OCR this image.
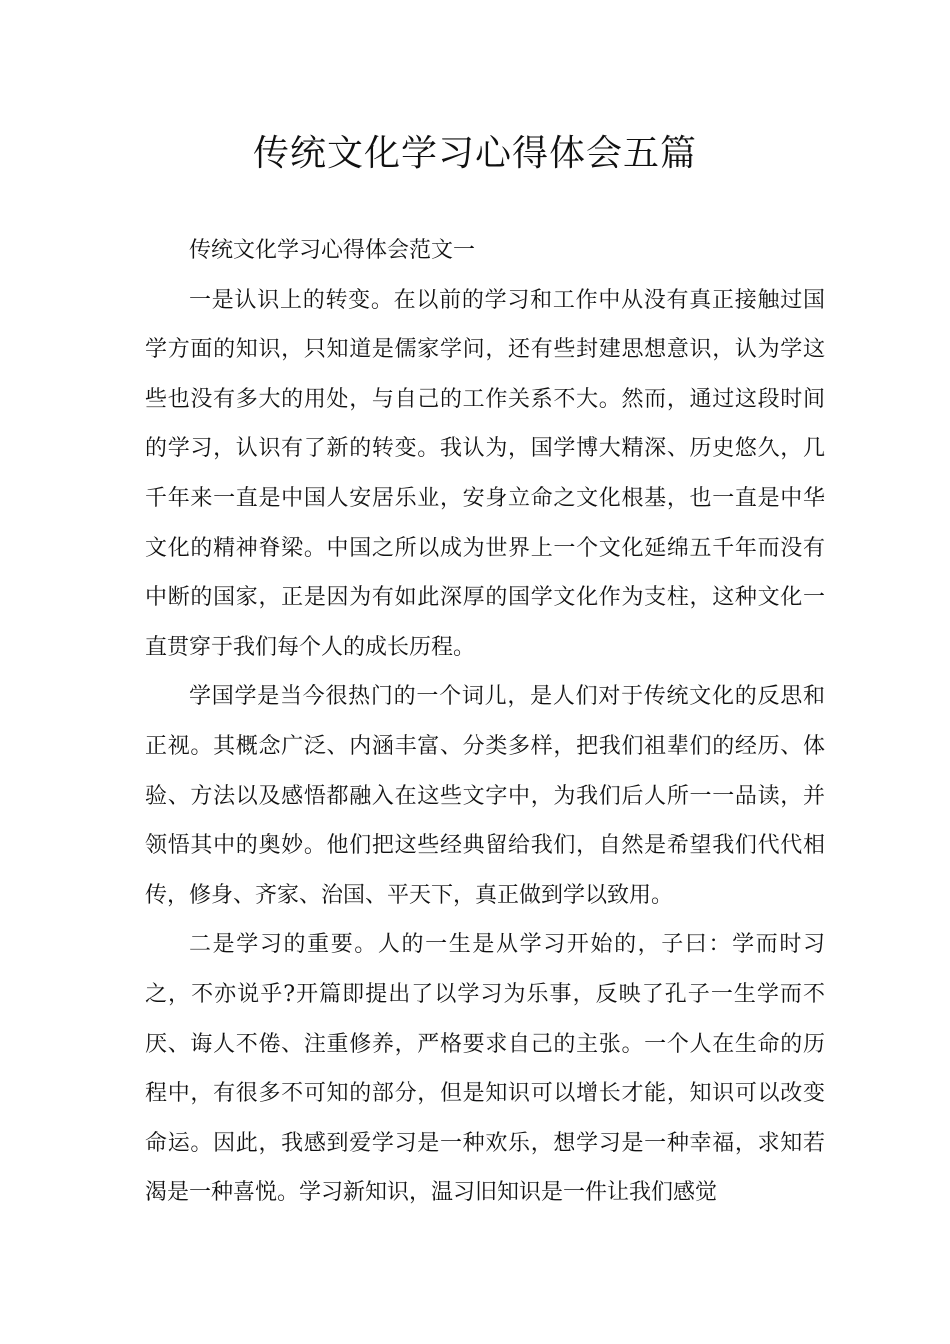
传统文化学习心得体会五篇

传统文化学习心得体会范文一

一是认识上的转变。在以前的学习和工作中从没有真正接触过国学方面的知识，只知道是儒家学问，还有些封建思想意识，认为学这些也没有多大的用处，与自己的工作关系不大。然而，通过这段时间的学习，认识有了新的转变。我认为，国学博大精深、历史悠久，几千年来一直是中国人安居乐业，安身立命之文化根基，也一直是中华文化的精神脊梁。中国之所以成为世界上一个文化延绵五千年而没有中断的国家，正是因为有如此深厚的国学文化作为支柱，这种文化一直贯穿于我们每个人的成长历程。

学国学是当今很热门的一个词儿，是人们对于传统文化的反思和正视。其概念广泛、内涵丰富、分类多样，把我们祖辈们的经历、体验、方法以及感悟都融入在这些文字中，为我们后人所一一品读，并领悟其中的奥妙。他们把这些经典留给我们，自然是希望我们代代相传，修身、齐家、治国、平天下，真正做到学以致用。

二是学习的重要。人的一生是从学习开始的，子曰：学而时习之，不亦说乎?开篇即提出了以学习为乐事，反映了孔子一生学而不厌、诲人不倦、注重修养，严格要求自己的主张。一个人在生命的历程中，有很多不可知的部分，但是知识可以增长才能，知识可以改变命运。因此，我感到爱学习是一种欢乐，想学习是一种幸福，求知若渴是一种喜悦。学习新知识，温习旧知识是一件让我们感觉
